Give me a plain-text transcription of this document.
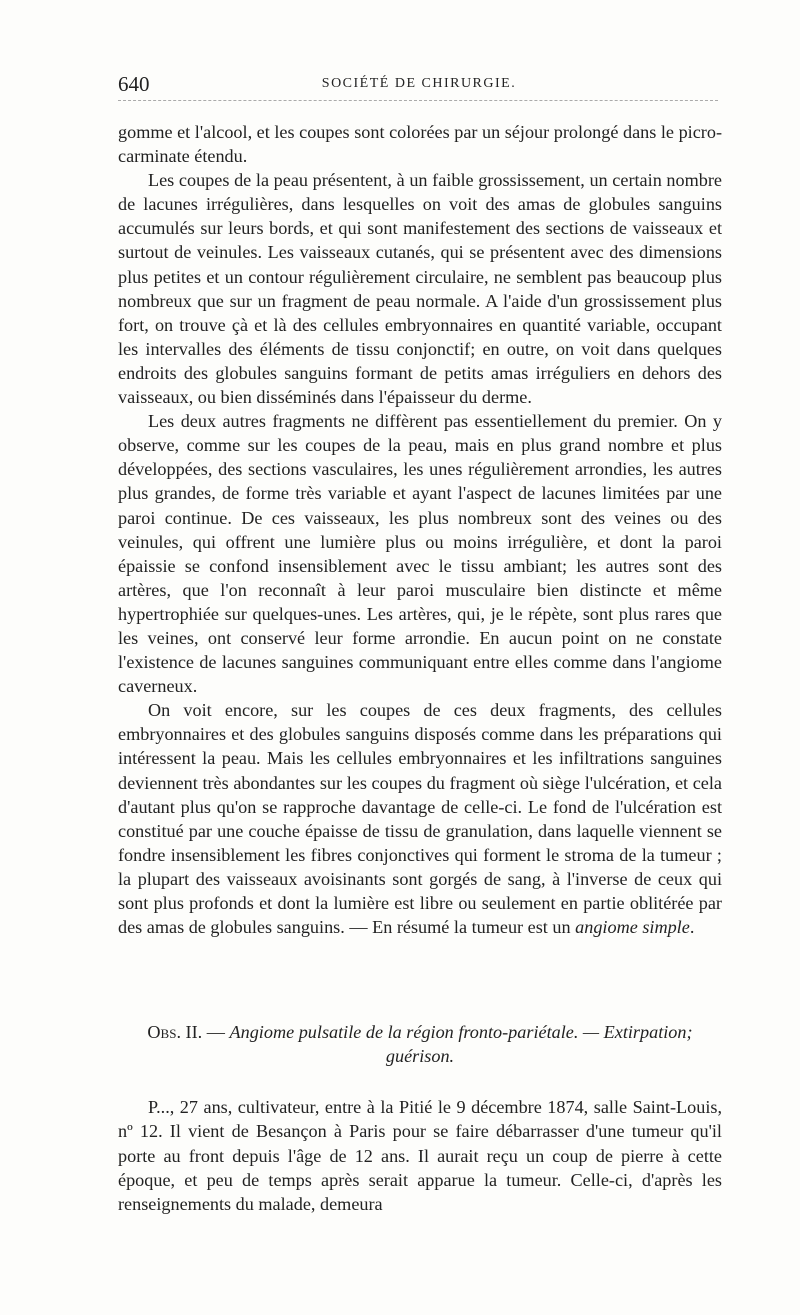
640	SOCIÉTÉ DE CHIRURGIE.

gomme et l'alcool, et les coupes sont colorées par un séjour prolongé dans le picro-carminate étendu.

Les coupes de la peau présentent, à un faible grossissement, un certain nombre de lacunes irrégulières, dans lesquelles on voit des amas de globules sanguins accumulés sur leurs bords, et qui sont manifestement des sections de vaisseaux et surtout de veinules. Les vaisseaux cutanés, qui se présentent avec des dimensions plus petites et un contour régulièrement circulaire, ne semblent pas beaucoup plus nombreux que sur un fragment de peau normale. A l'aide d'un grossissement plus fort, on trouve çà et là des cellules embryonnaires en quantité variable, occupant les intervalles des éléments de tissu conjonctif; en outre, on voit dans quelques endroits des globules sanguins formant de petits amas irréguliers en dehors des vaisseaux, ou bien disséminés dans l'épaisseur du derme.

Les deux autres fragments ne diffèrent pas essentiellement du premier. On y observe, comme sur les coupes de la peau, mais en plus grand nombre et plus développées, des sections vasculaires, les unes régulièrement arrondies, les autres plus grandes, de forme très variable et ayant l'aspect de lacunes limitées par une paroi continue. De ces vaisseaux, les plus nombreux sont des veines ou des veinules, qui offrent une lumière plus ou moins irrégulière, et dont la paroi épaissie se confond insensiblement avec le tissu ambiant; les autres sont des artères, que l'on reconnaît à leur paroi musculaire bien distincte et même hypertrophiée sur quelques-unes. Les artères, qui, je le répète, sont plus rares que les veines, ont conservé leur forme arrondie. En aucun point on ne constate l'existence de lacunes sanguines communiquant entre elles comme dans l'angiome caverneux.

On voit encore, sur les coupes de ces deux fragments, des cellules embryonnaires et des globules sanguins disposés comme dans les préparations qui intéressent la peau. Mais les cellules embryonnaires et les infiltrations sanguines deviennent très abondantes sur les coupes du fragment où siège l'ulcération, et cela d'autant plus qu'on se rapproche davantage de celle-ci. Le fond de l'ulcération est constitué par une couche épaisse de tissu de granulation, dans laquelle viennent se fondre insensiblement les fibres conjonctives qui forment le stroma de la tumeur ; la plupart des vaisseaux avoisinants sont gorgés de sang, à l'inverse de ceux qui sont plus profonds et dont la lumière est libre ou seulement en partie oblitérée par des amas de globules sanguins. — En résumé la tumeur est un angiome simple.

Obs. II. — Angiome pulsatile de la région fronto-pariétale. — Extirpation; guérison.

P..., 27 ans, cultivateur, entre à la Pitié le 9 décembre 1874, salle Saint-Louis, nº 12. Il vient de Besançon à Paris pour se faire débarrasser d'une tumeur qu'il porte au front depuis l'âge de 12 ans. Il aurait reçu un coup de pierre à cette époque, et peu de temps après serait apparue la tumeur. Celle-ci, d'après les renseignements du malade, demeura
